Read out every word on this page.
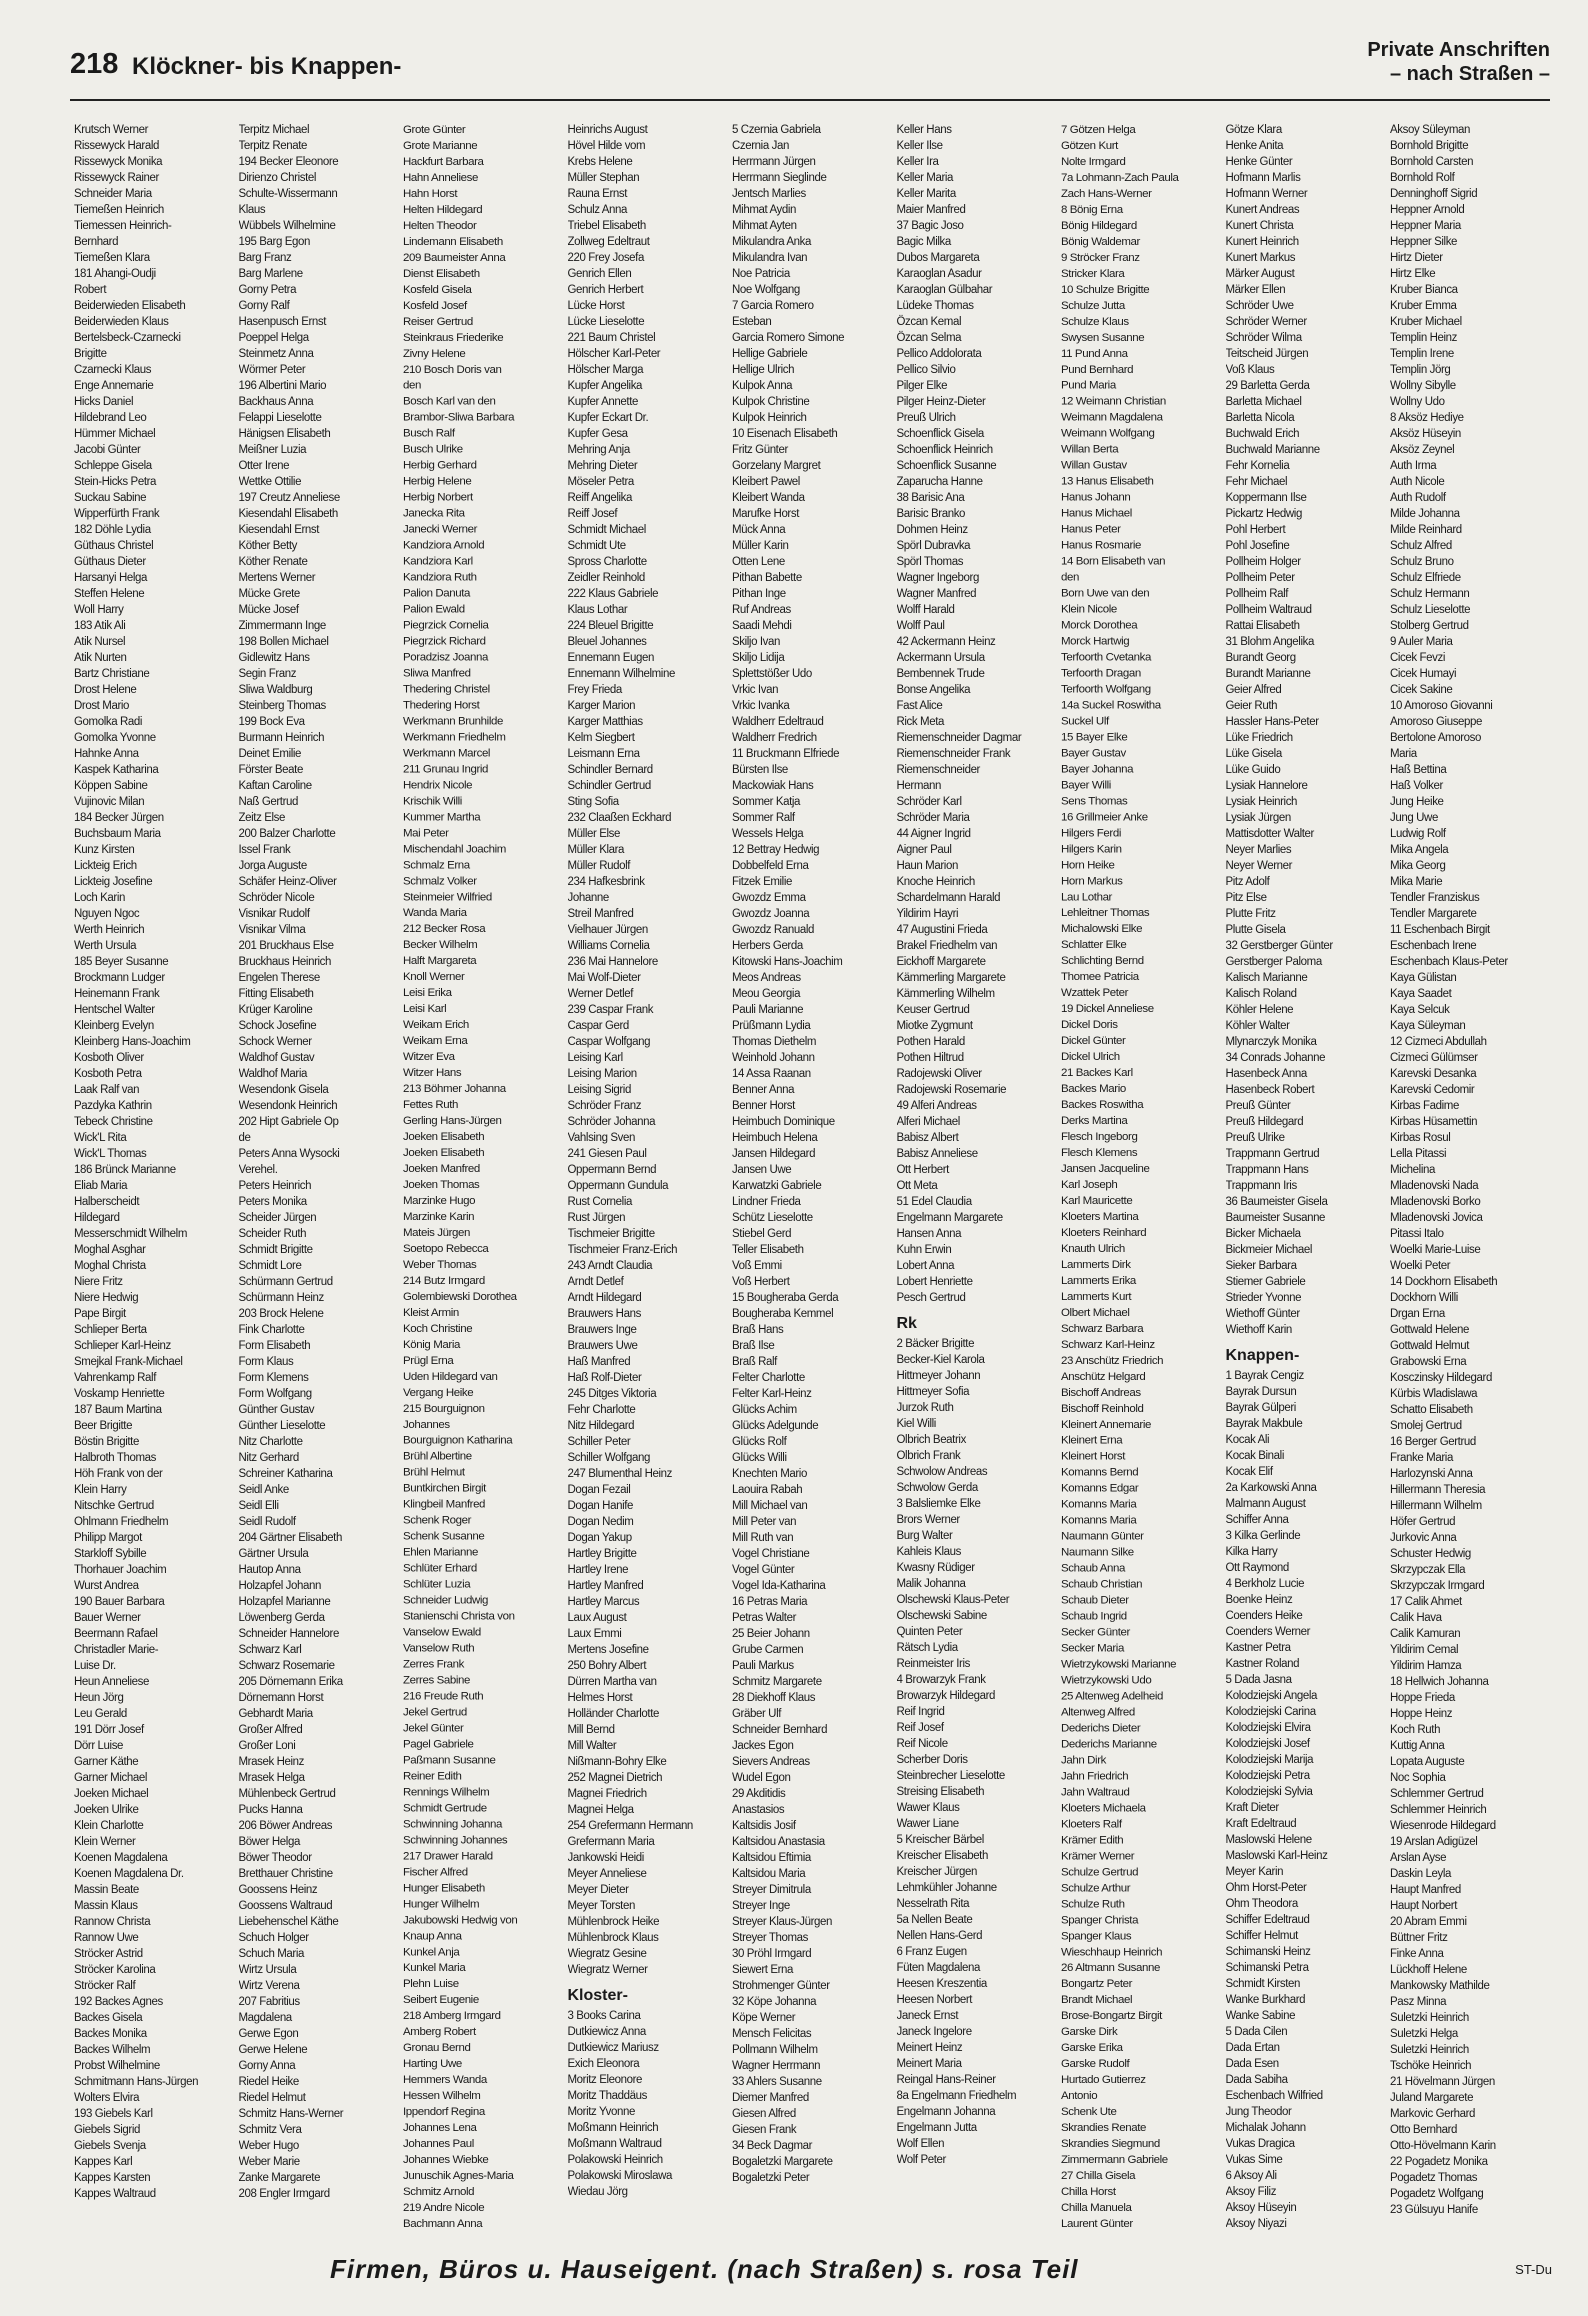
218 Klöckner- bis Knappen-
Private Anschriften
– nach Straßen –
Krutsch Werner
Rissewyck Harald
Rissewyck Monika
Rissewyck Rainer
Schneider Maria
Tiemeßen Heinrich
Tiemessen Heinrich-
Bernhard
Tiemeßen Klara
181 Ahangi-Oudji
Robert
Beiderwieden Elisabeth
Beiderwieden Klaus
Bertelsbeck-Czarnecki
Brigitte
Czarnecki Klaus
Enge Annemarie
Hicks Daniel
Hildebrand Leo
Hümmer Michael
Jacobi Günter
Schleppe Gisela
Stein-Hicks Petra
Suckau Sabine
Wipperfürth Frank
182 Döhle Lydia
Güthaus Christel
Güthaus Dieter
Harsanyi Helga
Steffen Helene
Woll Harry
183 Atik Ali
Atik Nursel
Atik Nurten
Bartz Christiane
Drost Helene
Drost Mario
Gomolka Radi
Gomolka Yvonne
Hahnke Anna
Kaspek Katharina
Köppen Sabine
Vujinovic Milan
184 Becker Jürgen
Buchsbaum Maria
Kunz Kirsten
Lickteig Erich
Lickteig Josefine
Loch Karin
Nguyen Ngoc
Werth Heinrich
Werth Ursula
185 Beyer Susanne
Brockmann Ludger
Heinemann Frank
Hentschel Walter
Kleinberg Evelyn
Kleinberg Hans-Joachim
Kosboth Oliver
Kosboth Petra
Laak Ralf van
Pazdyka Kathrin
Tebeck Christine
Wick'L Rita
Wick'L Thomas
186 Brünck Marianne
Eliab Maria
Halberscheidt
Hildegard
Messerschmidt Wilhelm
Moghal Asghar
Moghal Christa
Niere Fritz
Niere Hedwig
Pape Birgit
Schlieper Berta
Schlieper Karl-Heinz
Smejkal Frank-Michael
Vahrenkamp Ralf
Voskamp Henriette
187 Baum Martina
Beer Brigitte
Böstin Brigitte
Halbroth Thomas
Höh Frank von der
Klein Harry
Nitschke Gertrud
Ohlmann Friedhelm
Philipp Margot
Starkloff Sybille
Thorhauer Joachim
Wurst Andrea
190 Bauer Barbara
Bauer Werner
Beermann Rafael
Christadler Marie-
Luise Dr.
Heun Anneliese
Heun Jörg
Leu Gerald
191 Dörr Josef
Dörr Luise
Garner Käthe
Garner Michael
Joeken Michael
Joeken Ulrike
Klein Charlotte
Klein Werner
Koenen Magdalena
Koenen Magdalena Dr.
Massin Beate
Massin Klaus
Rannow Christa
Rannow Uwe
Ströcker Astrid
Ströcker Karolina
Ströcker Ralf
192 Backes Agnes
Backes Gisela
Backes Monika
Backes Wilhelm
Probst Wilhelmine
Schmitmann Hans-Jürgen
Wolters Elvira
193 Giebels Karl
Giebels Sigrid
Giebels Svenja
Kappes Karl
Kappes Karsten
Kappes Waltraud
Terpitz Michael
Terpitz Renate
194 Becker Eleonore
Dirienzo Christel
Schulte-Wissermann
Klaus
Wübbels Wilhelmine
195 Barg Egon
Barg Franz
Barg Marlene
Gorny Petra
Gorny Ralf
Hasenpusch Ernst
Poeppel Helga
Steinmetz Anna
Wörmer Peter
196 Albertini Mario
Backhaus Anna
Felappi Lieselotte
Hänigsen Elisabeth
Meißner Luzia
Otter Irene
Wettke Ottilie
197 Creutz Anneliese
Kiesendahl Elisabeth
Kiesendahl Ernst
Köther Betty
Köther Renate
Mertens Werner
Mücke Grete
Mücke Josef
Zimmermann Inge
198 Bollen Michael
Gidlewitz Hans
Segin Franz
Sliwa Waldburg
Steinberg Thomas
199 Bock Eva
Burmann Heinrich
Deinet Emilie
Förster Beate
Kaftan Caroline
Naß Gertrud
Zeitz Else
200 Balzer Charlotte
Issel Frank
Jorga Auguste
Schäfer Heinz-Oliver
Schröder Nicole
Visnikar Rudolf
Visnikar Vilma
201 Bruckhaus Else
Bruckhaus Heinrich
Engelen Therese
Fitting Elisabeth
Krüger Karoline
Schock Josefine
Schock Werner
Waldhof Gustav
Waldhof Maria
Wesendonk Gisela
Wesendonk Heinrich
202 Hipt Gabriele Op
de
Peters Anna Wysocki
Verehel.
Peters Heinrich
Peters Monika
Scheider Jürgen
Scheider Ruth
Schmidt Brigitte
Schmidt Lore
Schürmann Gertrud
Schürmann Heinz
203 Brock Helene
Fink Charlotte
Form Elisabeth
Form Klaus
Form Klemens
Form Wolfgang
Günther Gustav
Günther Lieselotte
Nitz Charlotte
Nitz Gerhard
Schreiner Katharina
Seidl Anke
Seidl Elli
Seidl Rudolf
204 Gärtner Elisabeth
Gärtner Ursula
Hautop Anna
Holzapfel Johann
Holzapfel Marianne
Löwenberg Gerda
Schneider Hannelore
Schwarz Karl
Schwarz Rosemarie
205 Dörnemann Erika
Dörnemann Horst
Gebhardt Maria
Großer Alfred
Großer Loni
Mrasek Heinz
Mrasek Helga
Mühlenbeck Gertrud
Pucks Hanna
206 Böwer Andreas
Böwer Helga
Böwer Theodor
Bretthauer Christine
Goossens Heinz
Goossens Waltraud
Liebehenschel Käthe
Schuch Holger
Schuch Maria
Wirtz Ursula
Wirtz Verena
207 Fabritius
Magdalena
Gerwe Egon
Gerwe Helene
Gorny Anna
Riedel Heike
Riedel Helmut
Schmitz Hans-Werner
Schmitz Vera
Weber Hugo
Weber Marie
Zanke Margarete
208 Engler Irmgard
Grote Günter
Grote Marianne
Hackfurt Barbara
Hahn Anneliese
Hahn Horst
Helten Hildegard
Helten Theodor
Lindemann Elisabeth
209 Baumeister Anna
Dienst Elisabeth
Kosfeld Gisela
Kosfeld Josef
Reiser Gertrud
Steinkraus Friederike
Zivny Helene
210 Bosch Doris van
den
Bosch Karl van den
Brambor-Sliwa Barbara
Busch Ralf
Busch Ulrike
Herbig Gerhard
Herbig Helene
Herbig Norbert
Janecka Rita
Janecki Werner
Kandziora Arnold
Kandziora Karl
Kandziora Ruth
Palion Danuta
Palion Ewald
Piegrzick Cornelia
Piegrzick Richard
Poradzisz Joanna
Sliwa Manfred
Thedering Christel
Thedering Horst
Werkmann Brunhilde
Werkmann Friedhelm
Werkmann Marcel
211 Grunau Ingrid
Hendrix Nicole
Krischik Willi
Kummer Martha
Mai Peter
Mischendahl Joachim
Schmalz Erna
Schmalz Volker
Steinmeier Wilfried
Wanda Maria
212 Becker Rosa
Becker Wilhelm
Halft Margareta
Knoll Werner
Leisi Erika
Leisi Karl
Weikam Erich
Weikam Erna
Witzer Eva
Witzer Hans
213 Böhmer Johanna
Fettes Ruth
Gerling Hans-Jürgen
Joeken Elisabeth
Joeken Elisabeth
Joeken Manfred
Joeken Thomas
Marzinke Hugo
Marzinke Karin
Mateis Jürgen
Soetopo Rebecca
Weber Thomas
214 Butz Irmgard
Golembiewski Dorothea
Kleist Armin
Koch Christine
König Maria
Prügl Erna
Uden Hildegard van
Vergang Heike
215 Bourguignon
Johannes
Bourguignon Katharina
Brühl Albertine
Brühl Helmut
Buntkirchen Birgit
Klingbeil Manfred
Schenk Roger
Schenk Susanne
Ehlen Marianne
Schlüter Erhard
Schlüter Luzia
Schneider Ludwig
Stanienschi Christa von
Vanselow Ewald
Vanselow Ruth
Zerres Frank
Zerres Sabine
216 Freude Ruth
Jekel Gertrud
Jekel Günter
Pagel Gabriele
Paßmann Susanne
Reiner Edith
Rennings Wilhelm
Schmidt Gertrude
Schwinning Johanna
Schwinning Johannes
217 Drawer Harald
Fischer Alfred
Hunger Elisabeth
Hunger Wilhelm
Jakubowski Hedwig von
Knaup Anna
Kunkel Anja
Kunkel Maria
Plehn Luise
Seibert Eugenie
218 Amberg Irmgard
Amberg Robert
Gronau Bernd
Harting Uwe
Hemmers Wanda
Hessen Wilhelm
Ippendorf Regina
Johannes Lena
Johannes Paul
Johannes Wiebke
Junuschik Agnes-Maria
Schmitz Arnold
219 Andre Nicole
Bachmann Anna
Heinrichs August
Hövel Hilde vom
Krebs Helene
Müller Stephan
Rauna Ernst
Schulz Anna
Triebel Elisabeth
Zollweg Edeltraut
220 Frey Josefa
Genrich Ellen
Genrich Herbert
Lücke Horst
Lücke Lieselotte
221 Baum Christel
Hölscher Karl-Peter
Hölscher Marga
Kupfer Angelika
Kupfer Annette
Kupfer Eckart Dr.
Kupfer Gesa
Mehring Anja
Mehring Dieter
Möseler Petra
Reiff Angelika
Reiff Josef
Schmidt Michael
Schmidt Ute
Spross Charlotte
Zeidler Reinhold
222 Klaus Gabriele
Klaus Lothar
224 Bleuel Brigitte
Bleuel Johannes
Ennemann Eugen
Ennemann Wilhelmine
Frey Frieda
Karger Marion
Karger Matthias
Kelm Siegbert
Leismann Erna
Schindler Bernard
Schindler Gertrud
Sting Sofia
232 Claaßen Eckhard
Müller Else
Müller Klara
Müller Rudolf
234 Hafkesbrink
Johanne
Streil Manfred
Vielhauer Jürgen
Williams Cornelia
236 Mai Hannelore
Mai Wolf-Dieter
Werner Detlef
239 Caspar Frank
Caspar Gerd
Caspar Wolfgang
Leising Karl
Leising Marion
Leising Sigrid
Schröder Franz
Schröder Johanna
Vahlsing Sven
241 Giesen Paul
Oppermann Bernd
Oppermann Gundula
Rust Cornelia
Rust Jürgen
Tischmeier Brigitte
Tischmeier Franz-Erich
243 Arndt Claudia
Arndt Detlef
Arndt Hildegard
Brauwers Hans
Brauwers Inge
Brauwers Uwe
Haß Manfred
Haß Rolf-Dieter
245 Ditges Viktoria
Fehr Charlotte
Nitz Hildegard
Schiller Peter
Schiller Wolfgang
247 Blumenthal Heinz
Dogan Fezail
Dogan Hanife
Dogan Nedim
Dogan Yakup
Hartley Brigitte
Hartley Irene
Hartley Manfred
Hartley Marcus
Laux August
Laux Emmi
Mertens Josefine
250 Bohry Albert
Dürren Martha van
Helmes Horst
Holländer Charlotte
Mill Bernd
Mill Walter
Nißmann-Bohry Elke
252 Magnei Dietrich
Magnei Friedrich
Magnei Helga
254 Grefermann Hermann
Grefermann Maria
Jankowski Heidi
Meyer Anneliese
Meyer Dieter
Meyer Torsten
Mühlenbrock Heike
Mühlenbrock Klaus
Wiegratz Gesine
Wiegratz Werner
Kloster-
3 Books Carina
Dutkiewicz Anna
Dutkiewicz Mariusz
Exich Eleonora
Moritz Eleonore
Moritz Thaddäus
Moritz Yvonne
Moßmann Heinrich
Moßmann Waltraud
Polakowski Heinrich
Polakowski Miroslawa
Wiedau Jörg
5 Czernia Gabriela
Czernia Jan
Herrmann Jürgen
Herrmann Sieglinde
Jentsch Marlies
Mihmat Aydin
Mihmat Ayten
Mikulandra Anka
Mikulandra Ivan
Noe Patricia
Noe Wolfgang
7 Garcia Romero
Esteban
Garcia Romero Simone
Hellige Gabriele
Hellige Ulrich
Kulpok Anna
Kulpok Christine
Kulpok Heinrich
10 Eisenach Elisabeth
Fritz Günter
Gorzelany Margret
Kleibert Pawel
Kleibert Wanda
Marufke Horst
Mück Anna
Müller Karin
Otten Lene
Pithan Babette
Pithan Inge
Ruf Andreas
Saadi Mehdi
Skiljo Ivan
Skiljo Lidija
Splettstößer Udo
Vrkic Ivan
Vrkic Ivanka
Waldherr Edeltraud
Waldherr Fredrich
11 Bruckmann Elfriede
Bürsten Ilse
Mackowiak Hans
Sommer Katja
Sommer Ralf
Wessels Helga
12 Bettray Hedwig
Dobbelfeld Erna
Fitzek Emilie
Gwozdz Emma
Gwozdz Joanna
Gwozdz Ranuald
Herbers Gerda
Kitowski Hans-Joachim
Meos Andreas
Meou Georgia
Pauli Marianne
Prüßmann Lydia
Thomas Diethelm
Weinhold Johann
14 Assa Raanan
Benner Anna
Benner Horst
Heimbuch Dominique
Heimbuch Helena
Jansen Hildegard
Jansen Uwe
Karwatzki Gabriele
Lindner Frieda
Schütz Lieselotte
Stiebel Gerd
Teller Elisabeth
Voß Emmi
Voß Herbert
15 Bougheraba Gerda
Bougheraba Kemmel
Braß Hans
Braß Ilse
Braß Ralf
Felter Charlotte
Felter Karl-Heinz
Glücks Achim
Glücks Adelgunde
Glücks Rolf
Glücks Willi
Knechten Mario
Laouira Rabah
Mill Michael van
Mill Peter van
Mill Ruth van
Vogel Christiane
Vogel Günter
Vogel Ida-Katharina
16 Petras Maria
Petras Walter
25 Beier Johann
Grube Carmen
Pauli Markus
Schmitz Margarete
28 Diekhoff Klaus
Gräber Ulf
Schneider Bernhard
Jackes Egon
Sievers Andreas
Wudel Egon
29 Akditidis
Anastasios
Kaltsidis Josif
Kaltsidou Anastasia
Kaltsidou Eftimia
Kaltsidou Maria
Streyer Dimitrula
Streyer Inge
Streyer Klaus-Jürgen
Streyer Thomas
30 Pröhl Irmgard
Siewert Erna
Strohmenger Günter
32 Köpe Johanna
Köpe Werner
Mensch Felicitas
Pollmann Wilhelm
Wagner Herrmann
33 Ahlers Susanne
Diemer Manfred
Giesen Alfred
Giesen Frank
34 Beck Dagmar
Bogaletzki Margarete
Bogaletzki Peter
Keller Hans
Keller Ilse
Keller Ira
Keller Maria
Keller Marita
Maier Manfred
37 Bagic Joso
Bagic Milka
Dubos Margareta
Karaoglan Asadur
Karaoglan Gülbahar
Lüdeke Thomas
Özcan Kemal
Özcan Selma
Pellico Addolorata
Pellico Silvio
Pilger Elke
Pilger Heinz-Dieter
Preuß Ulrich
Schoenflick Gisela
Schoenflick Heinrich
Schoenflick Susanne
Zaparucha Hanne
38 Barisic Ana
Barisic Branko
Dohmen Heinz
Spörl Dubravka
Spörl Thomas
Wagner Ingeborg
Wagner Manfred
Wolff Harald
Wolff Paul
42 Ackermann Heinz
Ackermann Ursula
Bembennek Trude
Bonse Angelika
Fast Alice
Rick Meta
Riemenschneider Dagmar
Riemenschneider Frank
Riemenschneider
Hermann
Schröder Karl
Schröder Maria
44 Aigner Ingrid
Aigner Paul
Haun Marion
Knoche Heinrich
Schardelmann Harald
Yildirim Hayri
47 Augustini Frieda
Brakel Friedhelm van
Eickhoff Margarete
Kämmerling Margarete
Kämmerling Wilhelm
Keuser Gertrud
Miotke Zygmunt
Pothen Harald
Pothen Hiltrud
Radojewski Oliver
Radojewski Rosemarie
49 Alferi Andreas
Alferi Michael
Babisz Albert
Babisz Anneliese
Ott Herbert
Ott Meta
51 Edel Claudia
Engelmann Margarete
Hansen Anna
Kuhn Erwin
Lobert Anna
Lobert Henriette
Pesch Gertrud
Rk
2 Bäcker Brigitte
Becker-Kiel Karola
Hittmeyer Johann
Hittmeyer Sofia
Jurzok Ruth
Kiel Willi
Olbrich Beatrix
Olbrich Frank
Schwolow Andreas
Schwolow Gerda
3 Balsliemke Elke
Brors Werner
Burg Walter
Kahleis Klaus
Kwasny Rüdiger
Malik Johanna
Olschewski Klaus-Peter
Olschewski Sabine
Quinten Peter
Rätsch Lydia
Reinmeister Iris
4 Browarzyk Frank
Browarzyk Hildegard
Reif Ingrid
Reif Josef
Reif Nicole
Scherber Doris
Steinbrecher Lieselotte
Streising Elisabeth
Wawer Klaus
Wawer Liane
5 Kreischer Bärbel
Kreischer Elisabeth
Kreischer Jürgen
Lehmkühler Johanne
Nesselrath Rita
5a Nellen Beate
Nellen Hans-Gerd
6 Franz Eugen
Füten Magdalena
Heesen Kreszentia
Heesen Norbert
Janeck Ernst
Janeck Ingelore
Meinert Heinz
Meinert Maria
Reingal Hans-Reiner
8a Engelmann Friedhelm
Engelmann Johanna
Engelmann Jutta
Wolf Ellen
Wolf Peter
7 Götzen Helga
Götzen Kurt
Nolte Irmgard
7a Lohmann-Zach Paula
Zach Hans-Werner
8 Bönig Erna
Bönig Hildegard
Bönig Waldemar
9 Ströcker Franz
Stricker Klara
10 Schulze Brigitte
Schulze Jutta
Schulze Klaus
Swysen Susanne
11 Pund Anna
Pund Bernhard
Pund Maria
12 Weimann Christian
Weimann Magdalena
Weimann Wolfgang
Willan Berta
Willan Gustav
13 Hanus Elisabeth
Hanus Johann
Hanus Michael
Hanus Peter
Hanus Rosmarie
14 Born Elisabeth van
den
Born Uwe van den
Klein Nicole
Morck Dorothea
Morck Hartwig
Terfoorth Cvetanka
Terfoorth Dragan
Terfoorth Wolfgang
14a Suckel Roswitha
Suckel Ulf
15 Bayer Elke
Bayer Gustav
Bayer Johanna
Bayer Willi
Sens Thomas
16 Grillmeier Anke
Hilgers Ferdi
Hilgers Karin
Horn Heike
Horn Markus
Lau Lothar
Lehleitner Thomas
Michalowski Elke
Schlatter Elke
Schlichting Bernd
Thomee Patricia
Wzattek Peter
19 Dickel Anneliese
Dickel Doris
Dickel Günter
Dickel Ulrich
21 Backes Karl
Backes Mario
Backes Roswitha
Derks Martina
Flesch Ingeborg
Flesch Klemens
Jansen Jacqueline
Karl Joseph
Karl Mauricette
Kloeters Martina
Kloeters Reinhard
Knauth Ulrich
Lammerts Dirk
Lammerts Erika
Lammerts Kurt
Olbert Michael
Schwarz Barbara
Schwarz Karl-Heinz
23 Anschütz Friedrich
Anschütz Helgard
Bischoff Andreas
Bischoff Reinhold
Kleinert Annemarie
Kleinert Erna
Kleinert Horst
Komanns Bernd
Komanns Edgar
Komanns Maria
Komanns Maria
Naumann Günter
Naumann Silke
Schaub Anna
Schaub Christian
Schaub Dieter
Schaub Ingrid
Secker Günter
Secker Maria
Wietrzykowski Marianne
Wietrzykowski Udo
25 Altenweg Adelheid
Altenweg Alfred
Dederichs Dieter
Dederichs Marianne
Jahn Dirk
Jahn Friedrich
Jahn Waltraud
Kloeters Michaela
Kloeters Ralf
Krämer Edith
Krämer Werner
Schulze Gertrud
Schulze Arthur
Schulze Ruth
Spanger Christa
Spanger Klaus
Wieschhaup Heinrich
26 Altmann Susanne
Bongartz Peter
Brandt Michael
Brose-Bongartz Birgit
Garske Dirk
Garske Erika
Garske Rudolf
Hurtado Gutierrez
Antonio
Schenk Ute
Skrandies Renate
Skrandies Siegmund
Zimmermann Gabriele
27 Chilla Gisela
Chilla Horst
Chilla Manuela
Laurent Günter
Götze Klara
Henke Anita
Henke Günter
Hofmann Marlis
Hofmann Werner
Kunert Andreas
Kunert Christa
Kunert Heinrich
Kunert Markus
Märker August
Märker Ellen
Schröder Uwe
Schröder Werner
Schröder Wilma
Teitscheid Jürgen
Voß Klaus
29 Barletta Gerda
Barletta Michael
Barletta Nicola
Buchwald Erich
Buchwald Marianne
Fehr Kornelia
Fehr Michael
Koppermann Ilse
Pickartz Hedwig
Pohl Herbert
Pohl Josefine
Pollheim Holger
Pollheim Peter
Pollheim Ralf
Pollheim Waltraud
Rattai Elisabeth
31 Blohm Angelika
Burandt Georg
Burandt Marianne
Geier Alfred
Geier Ruth
Hassler Hans-Peter
Lüke Friedrich
Lüke Gisela
Lüke Guido
Lysiak Hannelore
Lysiak Heinrich
Lysiak Jürgen
Mattisdotter Walter
Neyer Marlies
Neyer Werner
Pitz Adolf
Pitz Else
Plutte Fritz
Plutte Gisela
32 Gerstberger Günter
Gerstberger Paloma
Kalisch Marianne
Kalisch Roland
Köhler Helene
Köhler Walter
Mlynarczyk Monika
34 Conrads Johanne
Hasenbeck Anna
Hasenbeck Robert
Preuß Günter
Preuß Hildegard
Preuß Ulrike
Trappmann Gertrud
Trappmann Hans
Trappmann Iris
36 Baumeister Gisela
Baumeister Susanne
Bicker Michaela
Bickmeier Michael
Sieker Barbara
Stiemer Gabriele
Strieder Yvonne
Wiethoff Günter
Wiethoff Karin
Knappen-
1 Bayrak Cengiz
Bayrak Dursun
Bayrak Gülperi
Bayrak Makbule
Kocak Ali
Kocak Binali
Kocak Elif
2a Karkowski Anna
Malmann August
Schiffer Anna
3 Kilka Gerlinde
Kilka Harry
Ott Raymond
4 Berkholz Lucie
Boenke Heinz
Coenders Heike
Coenders Werner
Kastner Petra
Kastner Roland
5 Dada Jasna
Kolodziejski Angela
Kolodziejski Carina
Kolodziejski Elvira
Kolodziejski Josef
Kolodziejski Marija
Kolodziejski Petra
Kolodziejski Sylvia
Kraft Dieter
Kraft Edeltraud
Maslowski Helene
Maslowski Karl-Heinz
Meyer Karin
Ohm Horst-Peter
Ohm Theodora
Schiffer Edeltraud
Schiffer Helmut
Schimanski Heinz
Schimanski Petra
Schmidt Kirsten
Wanke Burkhard
Wanke Sabine
5 Dada Cilen
Dada Ertan
Dada Esen
Dada Sabiha
Eschenbach Wilfried
Jung Theodor
Michalak Johann
Vukas Dragica
Vukas Sime
6 Aksoy Ali
Aksoy Filiz
Aksoy Hüseyin
Aksoy Niyazi
Aksoy Süleyman
Bornhold Brigitte
Bornhold Carsten
Bornhold Rolf
Denninghoff Sigrid
Heppner Arnold
Heppner Maria
Heppner Silke
Hirtz Dieter
Hirtz Elke
Kruber Bianca
Kruber Emma
Kruber Michael
Templin Heinz
Templin Irene
Templin Jörg
Wollny Sibylle
Wollny Udo
8 Aksöz Hediye
Aksöz Hüseyin
Aksöz Zeynel
Auth Irma
Auth Nicole
Auth Rudolf
Milde Johanna
Milde Reinhard
Schulz Alfred
Schulz Bruno
Schulz Elfriede
Schulz Hermann
Schulz Lieselotte
Stolberg Gertrud
9 Auler Maria
Cicek Fevzi
Cicek Humayi
Cicek Sakine
10 Amoroso Giovanni
Amoroso Giuseppe
Bertolone Amoroso
Maria
Haß Bettina
Haß Volker
Jung Heike
Jung Uwe
Ludwig Rolf
Mika Angela
Mika Georg
Mika Marie
Tendler Franziskus
Tendler Margarete
11 Eschenbach Birgit
Eschenbach Irene
Eschenbach Klaus-Peter
Kaya Gülistan
Kaya Saadet
Kaya Selcuk
Kaya Süleyman
12 Cizmeci Abdullah
Cizmeci Gülümser
Karevski Desanka
Karevski Cedomir
Kirbas Fadime
Kirbas Hüsamettin
Kirbas Rosul
Lella Pitassi
Michelina
Mladenovski Nada
Mladenovski Borko
Mladenovski Jovica
Pitassi Italo
Woelki Marie-Luise
Woelki Peter
14 Dockhorn Elisabeth
Dockhorn Willi
Drgan Erna
Gottwald Helene
Gottwald Helmut
Grabowski Erna
Kosczinsky Hildegard
Kürbis Wladislawa
Schatto Elisabeth
Smolej Gertrud
16 Berger Gertrud
Franke Maria
Harlozynski Anna
Hillermann Theresia
Hillermann Wilhelm
Höfer Gertrud
Jurkovic Anna
Schuster Hedwig
Skrzypczak Ella
Skrzypczak Irmgard
17 Calik Ahmet
Calik Hava
Calik Kamuran
Yildirim Cemal
Yildirim Hamza
18 Hellwich Johanna
Hoppe Frieda
Hoppe Heinz
Koch Ruth
Kuttig Anna
Lopata Auguste
Noc Sophia
Schlemmer Gertrud
Schlemmer Heinrich
Wiesenrode Hildegard
19 Arslan Adigüzel
Arslan Ayse
Daskin Leyla
Haupt Manfred
Haupt Norbert
20 Abram Emmi
Büttner Fritz
Finke Anna
Lückhoff Helene
Mankowsky Mathilde
Pasz Minna
Suletzki Heinrich
Suletzki Helga
Suletzki Heinrich
Tschöke Heinrich
21 Hövelmann Jürgen
Juland Margarete
Markovic Gerhard
Otto Bernhard
Otto-Hövelmann Karin
22 Pogadetz Monika
Pogadetz Thomas
Pogadetz Wolfgang
23 Gülsuyu Hanife
Firmen, Büros u. Hauseigent. (nach Straßen) s. rosa Teil	ST-Du
